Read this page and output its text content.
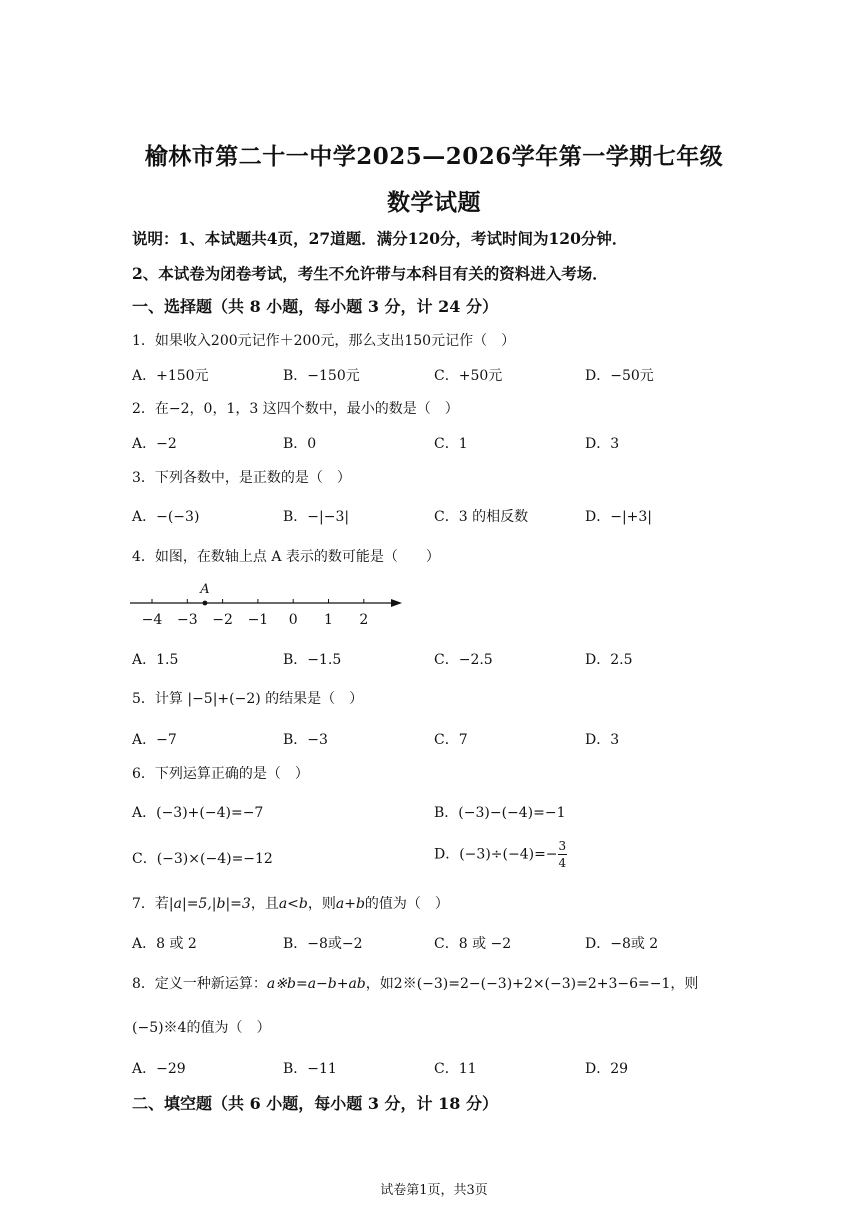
榆林市第二十一中学2025—2026学年第一学期七年级
数学试题
说明：1、本试题共4页，27道题．满分120分，考试时间为120分钟．
2、本试卷为闭卷考试，考生不允许带与本科目有关的资料进入考场．
一、选择题（共 8 小题，每小题 3 分，计 24 分）
1．如果收入200元记作＋200元，那么支出150元记作（　）
A．+150元	B．−150元	C．+50元	D．−50元
2．在−2，0，1，3 这四个数中，最小的数是（　）
A．−2	B．0	C．1	D．3
3．下列各数中，是正数的是（　）
A．−(−3)	B．−|−3|	C．3 的相反数	D．−|+3|
4．如图，在数轴上点 A 表示的数可能是（　　）
−4 −3 −2 −1 0 1 2
A
A．1.5	B．−1.5	C．−2.5	D．2.5
5．计算 |−5|+(−2) 的结果是（　）
A．−7	B．−3	C．7	D．3
6．下列运算正确的是（　）
A．(−3)+(−4)=−7	B．(−3)−(−4)=−1
C．(−3)×(−4)=−12	D．$(-3)\div(-4)=- \frac{3}{4}$
7．若|a|=5,|b|=3，且a<b，则a+b的值为（　）
A．8 或 2	B．−8或−2	C．8 或 −2	D．−8或 2
8．定义一种新运算：a※b=a−b+ab，如2※(−3)=2−(−3)+2×(−3)=2+3−6=−1，则
(−5)※4的值为（　）
A．−29	B．−11	C．11	D．29
二、填空题（共 6 小题，每小题 3 分，计 18 分）
试卷第1页，共3页
